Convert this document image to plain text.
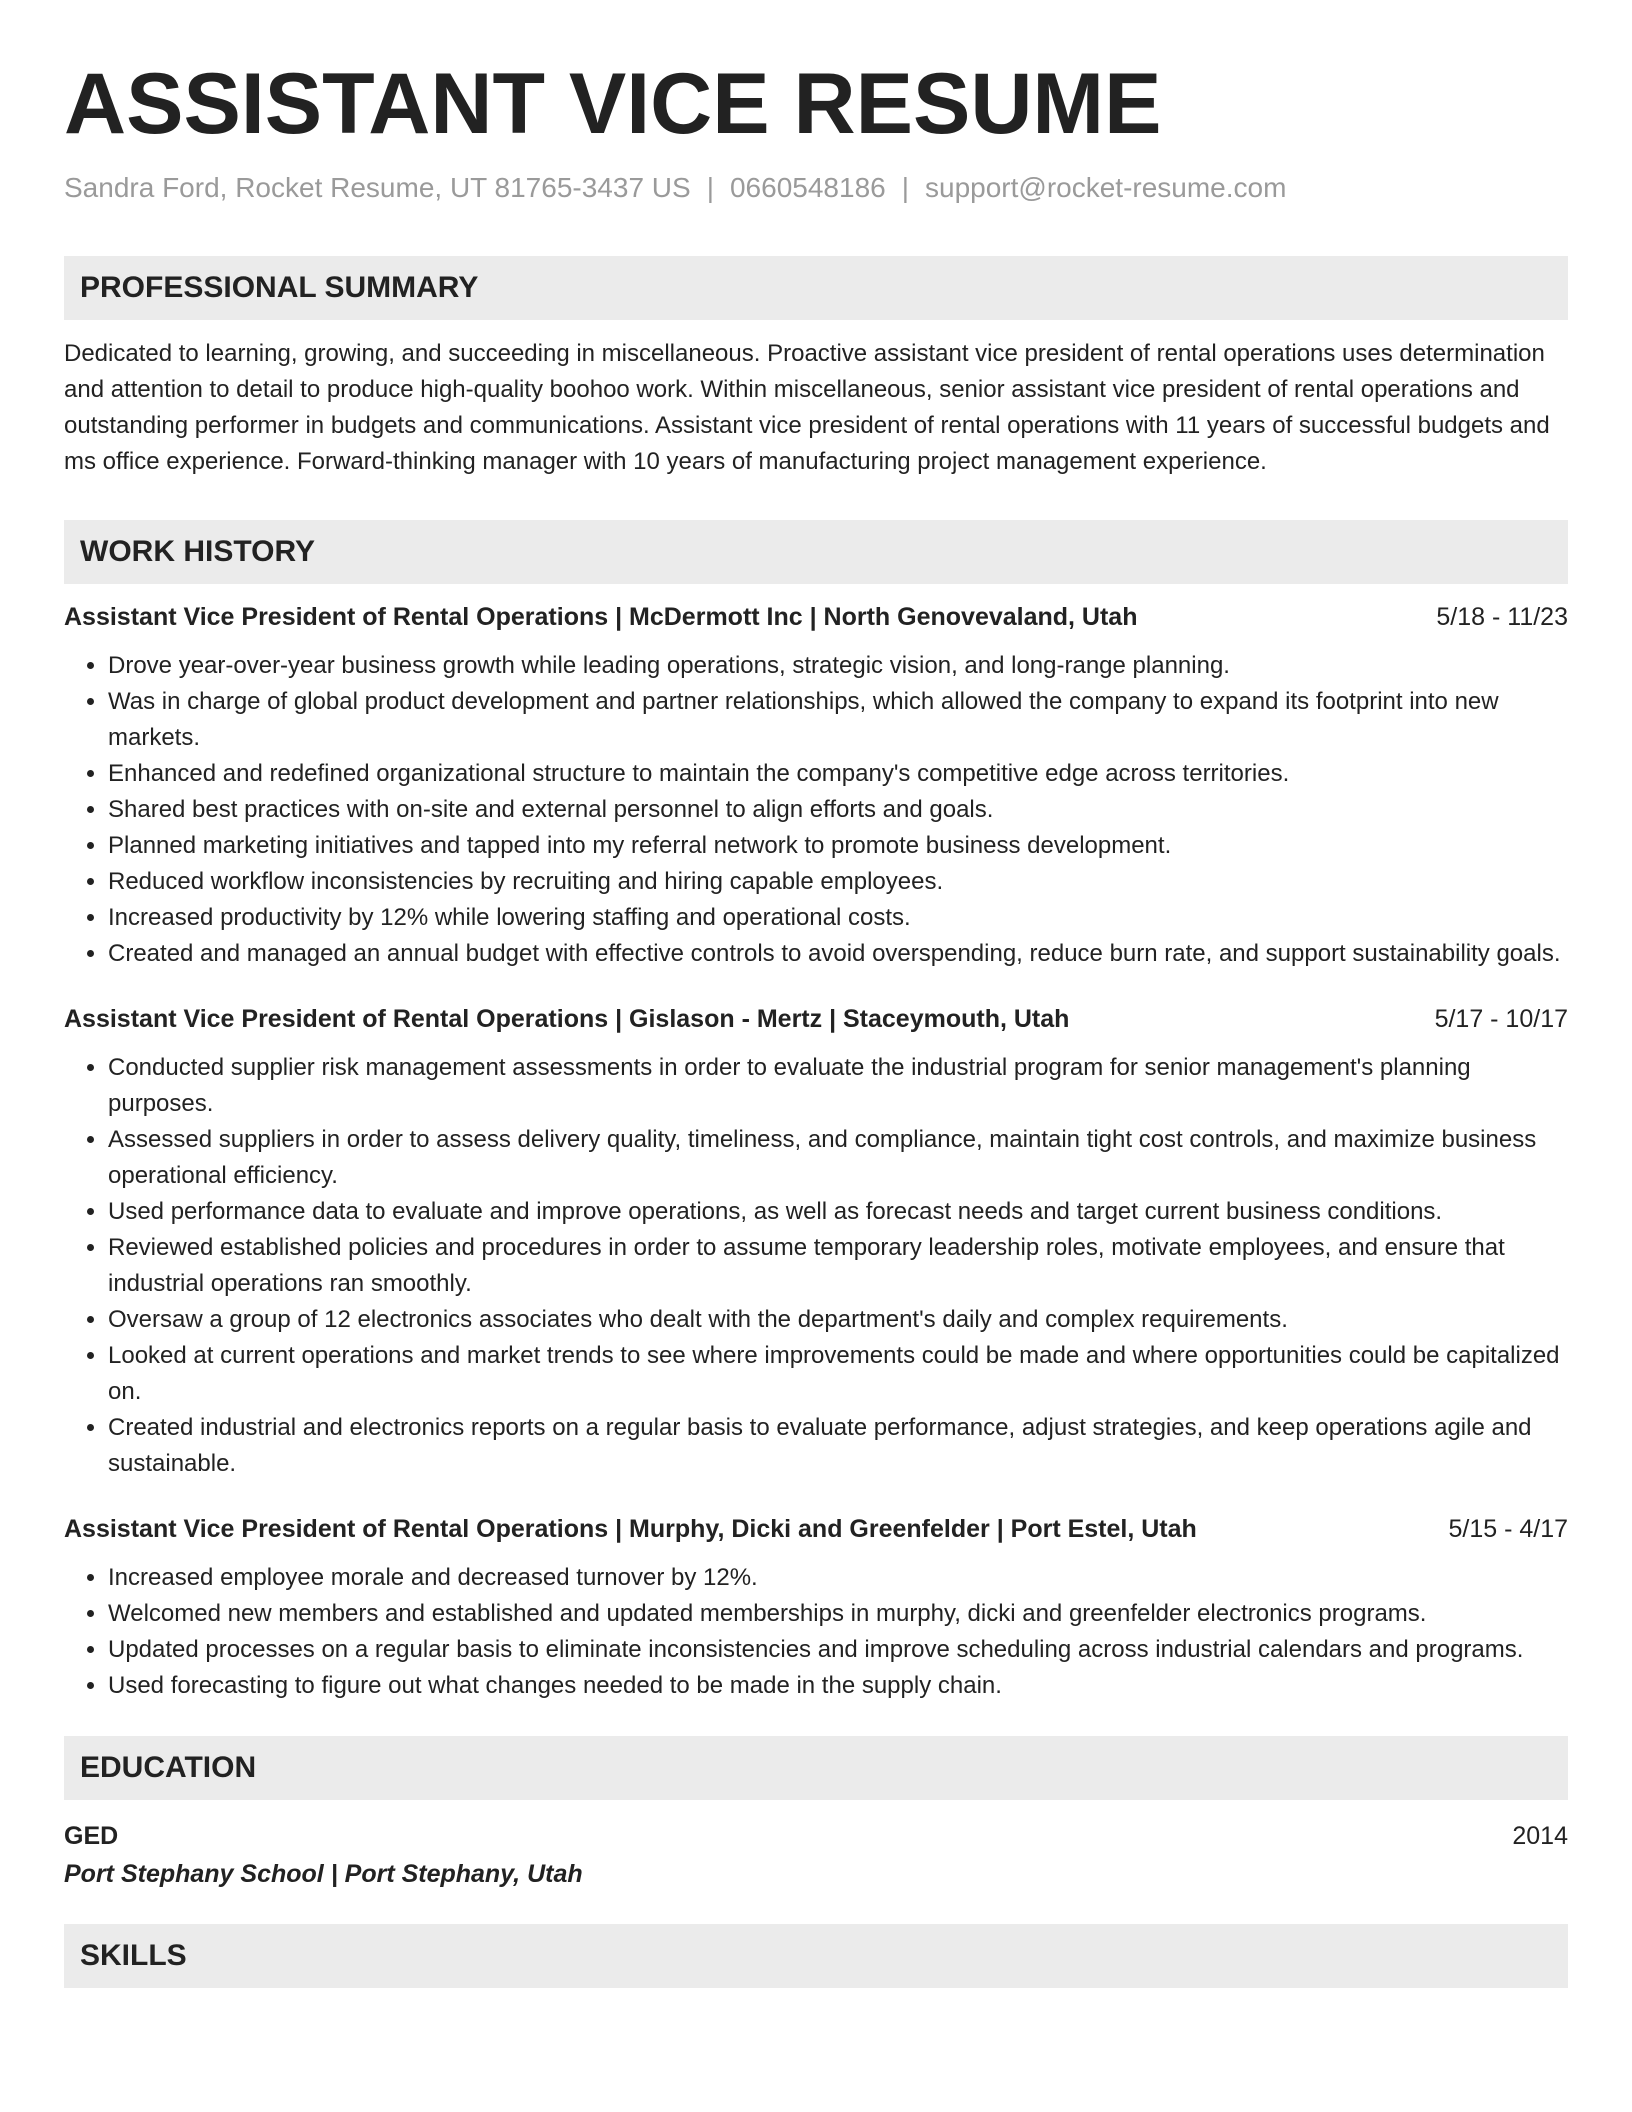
ASSISTANT VICE RESUME
Sandra Ford, Rocket Resume, UT 81765-3437 US | 0660548186 | support@rocket-resume.com
PROFESSIONAL SUMMARY
Dedicated to learning, growing, and succeeding in miscellaneous. Proactive assistant vice president of rental operations uses determination and attention to detail to produce high-quality boohoo work. Within miscellaneous, senior assistant vice president of rental operations and outstanding performer in budgets and communications. Assistant vice president of rental operations with 11 years of successful budgets and ms office experience. Forward-thinking manager with 10 years of manufacturing project management experience.
WORK HISTORY
Assistant Vice President of Rental Operations | McDermott Inc | North Genovevaland, Utah	5/18 - 11/23
• Drove year-over-year business growth while leading operations, strategic vision, and long-range planning.
• Was in charge of global product development and partner relationships, which allowed the company to expand its footprint into new markets.
• Enhanced and redefined organizational structure to maintain the company's competitive edge across territories.
• Shared best practices with on-site and external personnel to align efforts and goals.
• Planned marketing initiatives and tapped into my referral network to promote business development.
• Reduced workflow inconsistencies by recruiting and hiring capable employees.
• Increased productivity by 12% while lowering staffing and operational costs.
• Created and managed an annual budget with effective controls to avoid overspending, reduce burn rate, and support sustainability goals.
Assistant Vice President of Rental Operations | Gislason - Mertz | Staceymouth, Utah	5/17 - 10/17
• Conducted supplier risk management assessments in order to evaluate the industrial program for senior management's planning purposes.
• Assessed suppliers in order to assess delivery quality, timeliness, and compliance, maintain tight cost controls, and maximize business operational efficiency.
• Used performance data to evaluate and improve operations, as well as forecast needs and target current business conditions.
• Reviewed established policies and procedures in order to assume temporary leadership roles, motivate employees, and ensure that industrial operations ran smoothly.
• Oversaw a group of 12 electronics associates who dealt with the department's daily and complex requirements.
• Looked at current operations and market trends to see where improvements could be made and where opportunities could be capitalized on.
• Created industrial and electronics reports on a regular basis to evaluate performance, adjust strategies, and keep operations agile and sustainable.
Assistant Vice President of Rental Operations | Murphy, Dicki and Greenfelder | Port Estel, Utah	5/15 - 4/17
• Increased employee morale and decreased turnover by 12%.
• Welcomed new members and established and updated memberships in murphy, dicki and greenfelder electronics programs.
• Updated processes on a regular basis to eliminate inconsistencies and improve scheduling across industrial calendars and programs.
• Used forecasting to figure out what changes needed to be made in the supply chain.
EDUCATION
GED	2014
Port Stephany School | Port Stephany, Utah
SKILLS
